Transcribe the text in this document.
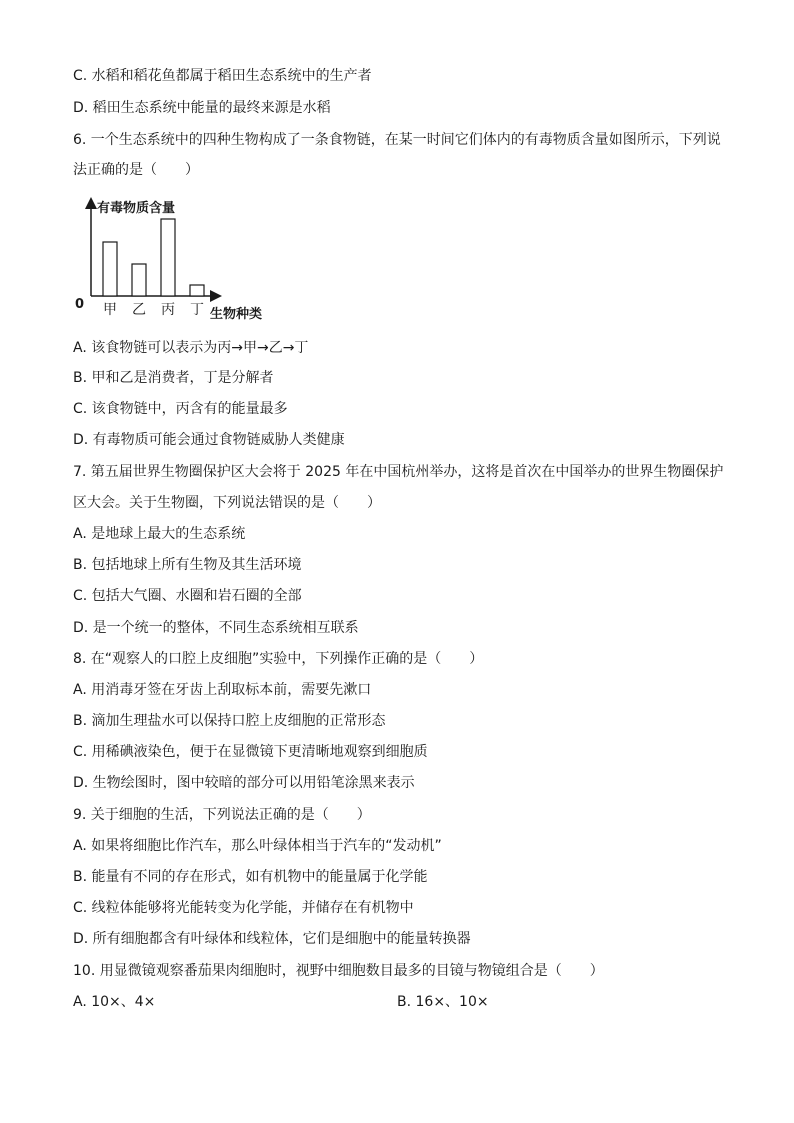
C. 水稻和稻花鱼都属于稻田生态系统中的生产者
D. 稻田生态系统中能量的最终来源是水稻
6. 一个生态系统中的四种生物构成了一条食物链，在某一时间它们体内的有毒物质含量如图所示，下列说
法正确的是（　　）
有毒物质含量
生物种类
0 甲 乙 丙 丁
A. 该食物链可以表示为丙→甲→乙→丁
B. 甲和乙是消费者，丁是分解者
C. 该食物链中，丙含有的能量最多
D. 有毒物质可能会通过食物链威胁人类健康
7. 第五届世界生物圈保护区大会将于 2025 年在中国杭州举办，这将是首次在中国举办的世界生物圈保护
区大会。关于生物圈，下列说法错误的是（　　）
A. 是地球上最大的生态系统
B. 包括地球上所有生物及其生活环境
C. 包括大气圈、水圈和岩石圈的全部
D. 是一个统一的整体，不同生态系统相互联系
8. 在“观察人的口腔上皮细胞”实验中，下列操作正确的是（　　）
A. 用消毒牙签在牙齿上刮取标本前，需要先漱口
B. 滴加生理盐水可以保持口腔上皮细胞的正常形态
C. 用稀碘液染色，便于在显微镜下更清晰地观察到细胞质
D. 生物绘图时，图中较暗的部分可以用铅笔涂黑来表示
9. 关于细胞的生活，下列说法正确的是（　　）
A. 如果将细胞比作汽车，那么叶绿体相当于汽车的“发动机”
B. 能量有不同的存在形式，如有机物中的能量属于化学能
C. 线粒体能够将光能转变为化学能，并储存在有机物中
D. 所有细胞都含有叶绿体和线粒体，它们是细胞中的能量转换器
10. 用显微镜观察番茄果肉细胞时，视野中细胞数目最多的目镜与物镜组合是（　　）
A. 10×、4×	B. 16×、10×
